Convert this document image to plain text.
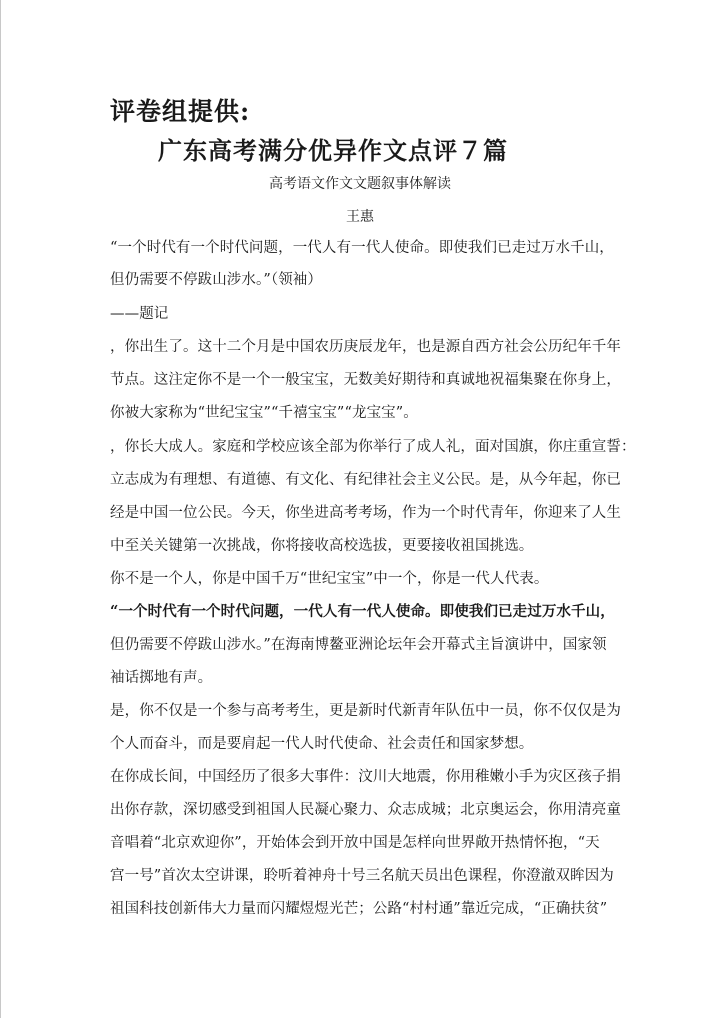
评卷组提供:
广东高考满分优异作文点评７篇
高考语文作文文题叙事体解读
王惠
“一个时代有一个时代问题，一代人有一代人使命。即使我们已走过万水千山，
但仍需要不停跋山涉水。”（领袖）
——题记
，你出生了。这十二个月是中国农历庚辰龙年，也是源自西方社会公历纪年千年
节点。这注定你不是一个一般宝宝，无数美好期待和真诚地祝福集聚在你身上，
你被大家称为“世纪宝宝”“千禧宝宝”“龙宝宝”。
，你长大成人。家庭和学校应该全部为你举行了成人礼，面对国旗，你庄重宣誓：
立志成为有理想、有道德、有文化、有纪律社会主义公民。是，从今年起，你已
经是中国一位公民。今天，你坐进高考考场，作为一个时代青年，你迎来了人生
中至关关键第一次挑战，你将接收高校选拔，更要接收祖国挑选。
你不是一个人，你是中国千万“世纪宝宝”中一个，你是一代人代表。
“一个时代有一个时代问题，一代人有一代人使命。即使我们已走过万水千山，
但仍需要不停跋山涉水。”在海南博鳌亚洲论坛年会开幕式主旨演讲中，国家领
袖话掷地有声。
是，你不仅是一个参与高考考生，更是新时代新青年队伍中一员，你不仅仅是为
个人而奋斗，而是要肩起一代人时代使命、社会责任和国家梦想。
在你成长间，中国经历了很多大事件：汶川大地震，你用稚嫩小手为灾区孩子捐
出你存款，深切感受到祖国人民凝心聚力、众志成城；北京奥运会，你用清亮童
音唱着“北京欢迎你”，开始体会到开放中国是怎样向世界敞开热情怀抱，“天
宫一号”首次太空讲课，聆听着神舟十号三名航天员出色课程，你澄澈双眸因为
祖国科技创新伟大力量而闪耀煜煜光芒；公路“村村通”靠近完成，“正确扶贫”
